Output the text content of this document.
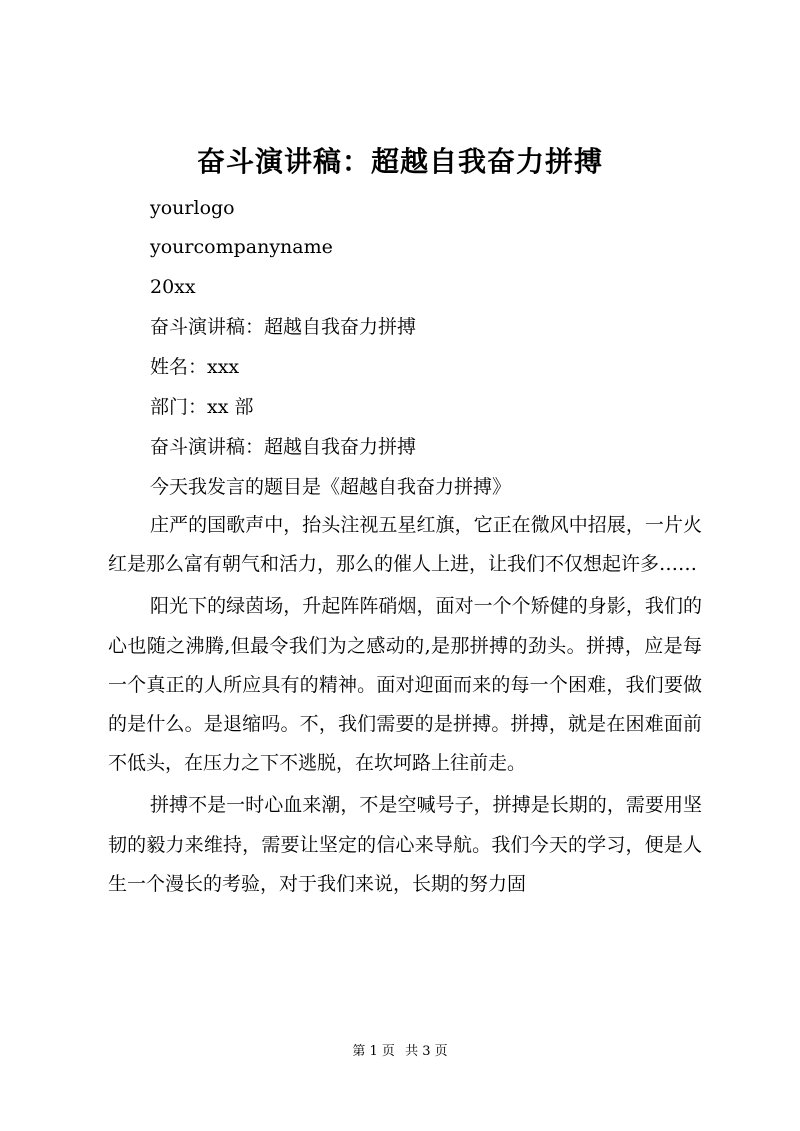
奋斗演讲稿：超越自我奋力拼搏
yourlogo
yourcompanyname
20xx
奋斗演讲稿：超越自我奋力拼搏
姓名：xxx
部门：xx 部
奋斗演讲稿：超越自我奋力拼搏
今天我发言的题目是《超越自我奋力拼搏》

庄严的国歌声中，抬头注视五星红旗，它正在微风中招展，一片火红是那么富有朝气和活力，那么的催人上进，让我们不仅想起许多……

阳光下的绿茵场，升起阵阵硝烟，面对一个个矫健的身影，我们的心也随之沸腾,但最令我们为之感动的,是那拼搏的劲头。拼搏，应是每一个真正的人所应具有的精神。面对迎面而来的每一个困难，我们要做的是什么。是退缩吗。不，我们需要的是拼搏。拼搏，就是在困难面前不低头，在压力之下不逃脱，在坎坷路上往前走。

拼搏不是一时心血来潮，不是空喊号子，拼搏是长期的，需要用坚韧的毅力来维持，需要让坚定的信心来导航。我们今天的学习，便是人生一个漫长的考验，对于我们来说，长期的努力固

第 1 页 共 3 页
